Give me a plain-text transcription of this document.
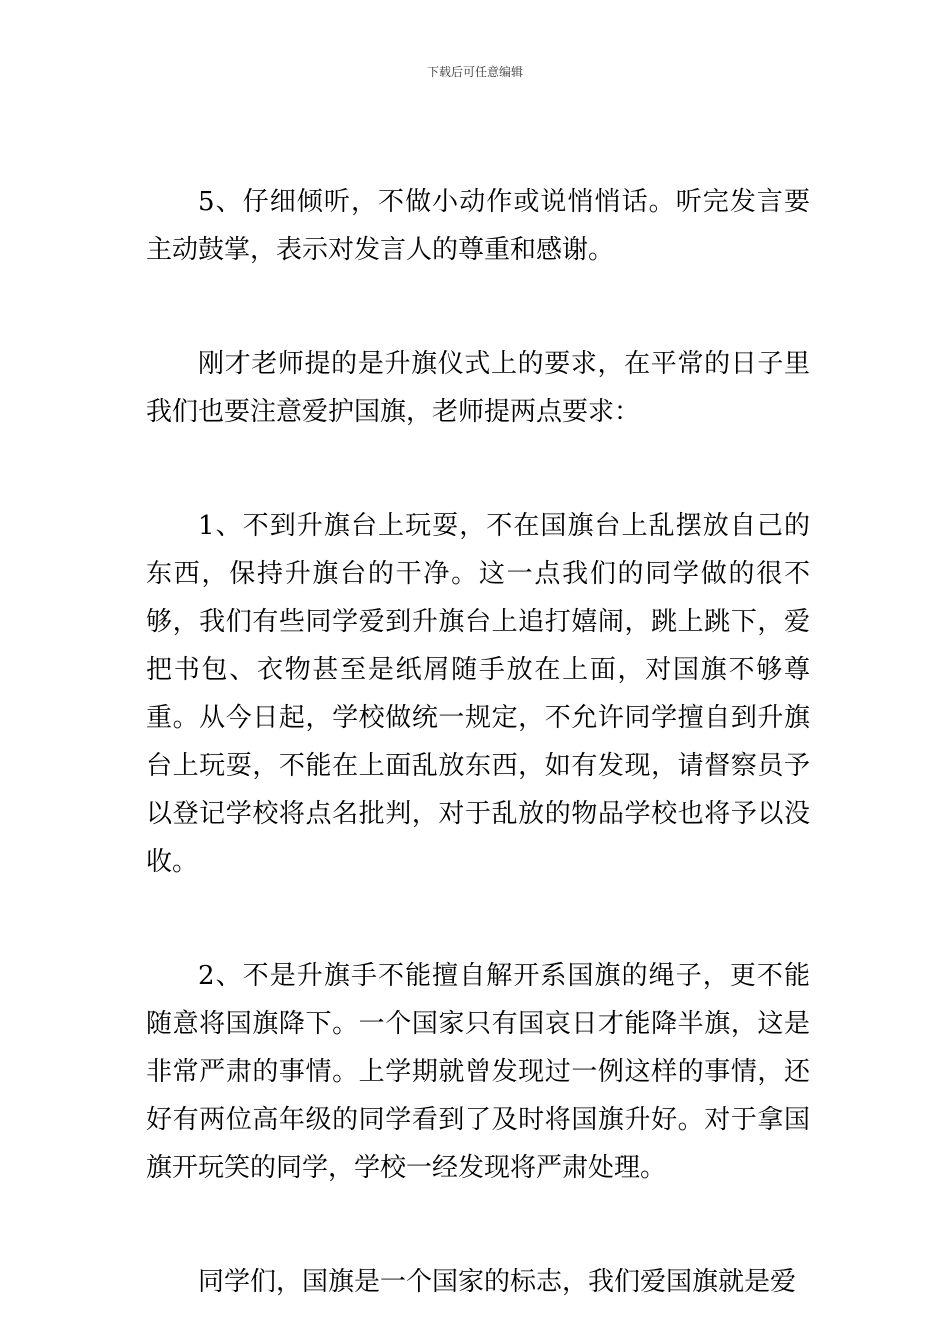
下载后可任意编辑

5、仔细倾听，不做小动作或说悄悄话。听完发言要主动鼓掌，表示对发言人的尊重和感谢。

刚才老师提的是升旗仪式上的要求，在平常的日子里我们也要注意爱护国旗，老师提两点要求：

1、不到升旗台上玩耍，不在国旗台上乱摆放自己的东西，保持升旗台的干净。这一点我们的同学做的很不够，我们有些同学爱到升旗台上追打嬉闹，跳上跳下，爱把书包、衣物甚至是纸屑随手放在上面，对国旗不够尊重。从今日起，学校做统一规定，不允许同学擅自到升旗台上玩耍，不能在上面乱放东西，如有发现，请督察员予以登记学校将点名批判，对于乱放的物品学校也将予以没收。

2、不是升旗手不能擅自解开系国旗的绳子，更不能随意将国旗降下。一个国家只有国哀日才能降半旗，这是非常严肃的事情。上学期就曾发现过一例这样的事情，还好有两位高年级的同学看到了及时将国旗升好。对于拿国旗开玩笑的同学，学校一经发现将严肃处理。

同学们，国旗是一个国家的标志，我们爱国旗就是爱
